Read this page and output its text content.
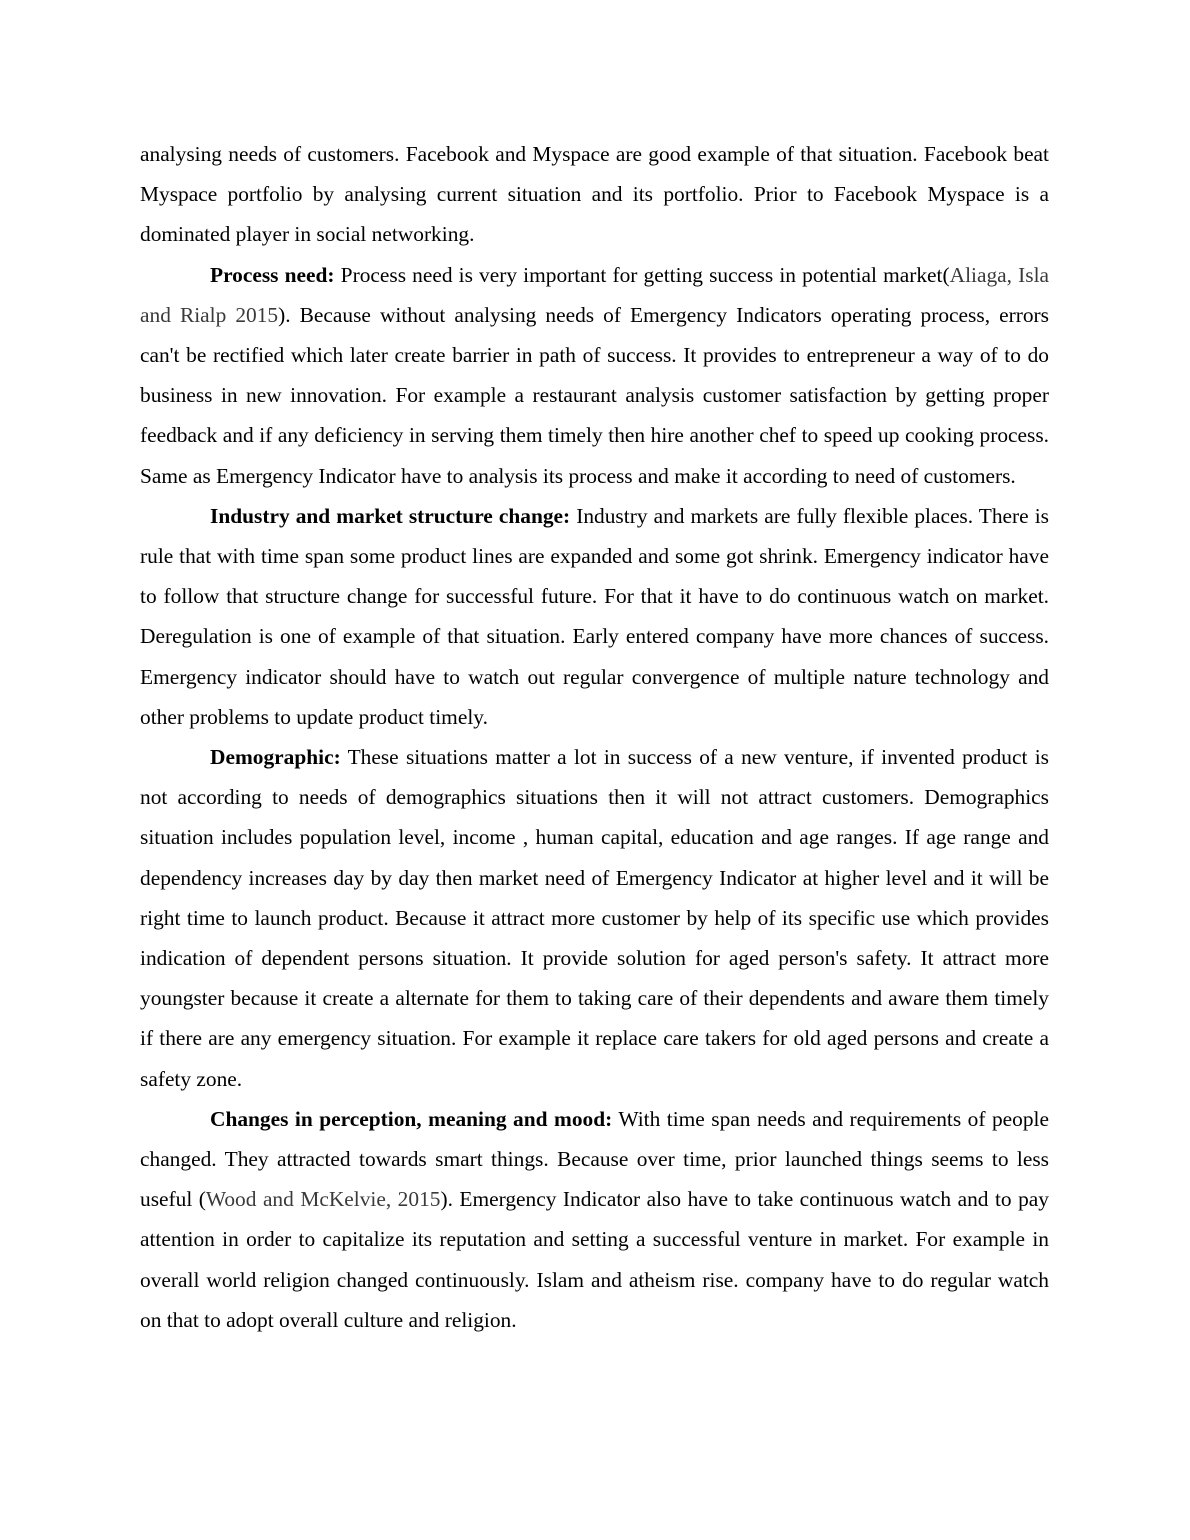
analysing needs of customers. Facebook and Myspace are good example of that situation. Facebook beat Myspace portfolio by analysing current situation and its portfolio. Prior to Facebook Myspace is a dominated player in social networking.

Process need: Process need is very important for getting success in potential market(Aliaga, Isla and Rialp 2015). Because without analysing needs of Emergency Indicators operating process, errors can't be rectified which later create barrier in path of success. It provides to entrepreneur a way of to do business in new innovation. For example a restaurant analysis customer satisfaction by getting proper feedback and if any deficiency in serving them timely then hire another chef to speed up cooking process. Same as Emergency Indicator have to analysis its process and make it according to need of customers.

Industry and market structure change: Industry and markets are fully flexible places. There is rule that with time span some product lines are expanded and some got shrink. Emergency indicator have to follow that structure change for successful future. For that it have to do continuous watch on market. Deregulation is one of example of that situation. Early entered company have more chances of success. Emergency indicator should have to watch out regular convergence of multiple nature technology and other problems to update product timely.

Demographic: These situations matter a lot in success of a new venture, if invented product is not according to needs of demographics situations then it will not attract customers. Demographics situation includes population level, income , human capital, education and age ranges. If age range and dependency increases day by day then market need of Emergency Indicator at higher level and it will be right time to launch product. Because it attract more customer by help of its specific use which provides indication of dependent persons situation. It provide solution for aged person's safety. It attract more youngster because it create a alternate for them to taking care of their dependents and aware them timely if there are any emergency situation. For example it replace care takers for old aged persons and create a safety zone.

Changes in perception, meaning and mood: With time span needs and requirements of people changed. They attracted towards smart things. Because over time, prior launched things seems to less useful (Wood and McKelvie, 2015). Emergency Indicator also have to take continuous watch and to pay attention in order to capitalize its reputation and setting a successful venture in market. For example in overall world religion changed continuously. Islam and atheism rise. company have to do regular watch on that to adopt overall culture and religion.
